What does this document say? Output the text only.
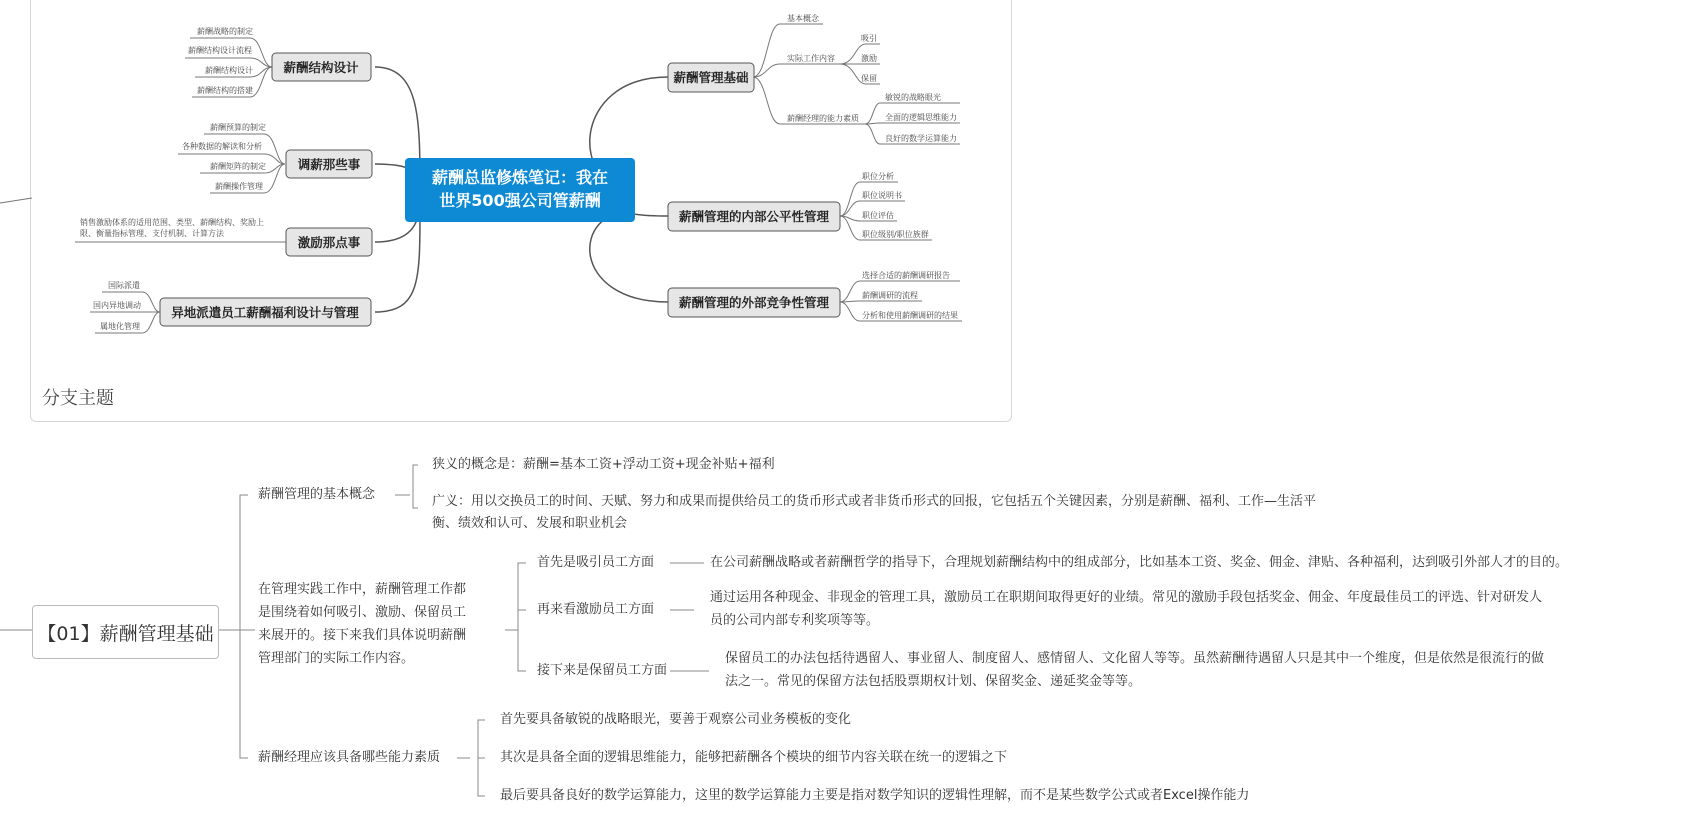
薪酬总监修炼笔记：我在
世界500强公司管薪酬
薪酬结构设计
调薪那些事
激励那点事
异地派遣员工薪酬福利设计与管理
薪酬管理基础
薪酬管理的内部公平性管理
薪酬管理的外部竞争性管理
薪酬战略的制定
薪酬结构设计流程
薪酬结构设计
薪酬结构的搭建
薪酬预算的制定
各种数据的解读和分析
薪酬矩阵的制定
薪酬操作管理
销售激励体系的适用范围、类型、薪酬结构、奖励上
限、衡量指标管理、支付机制、计算方法
国际派遣
国内异地调动
属地化管理
基本概念
实际工作内容
吸引
激励
保留
薪酬经理的能力素质
敏锐的战略眼光
全面的逻辑思维能力
良好的数学运算能力
职位分析
职位说明书
职位评估
职位级别/职位族群
选择合适的薪酬调研报告
薪酬调研的流程
分析和使用薪酬调研的结果
分支主题
【01】薪酬管理基础
薪酬管理的基本概念
狭义的概念是：薪酬=基本工资+浮动工资+现金补贴+福利
广义：用以交换员工的时间、天赋、努力和成果而提供给员工的货币形式或者非货币形式的回报，它包括五个关键因素，分别是薪酬、福利、工作—生活平
衡、绩效和认可、发展和职业机会
在管理实践工作中，薪酬管理工作都
是围绕着如何吸引、激励、保留员工
来展开的。接下来我们具体说明薪酬
管理部门的实际工作内容。
首先是吸引员工方面	在公司薪酬战略或者薪酬哲学的指导下，合理规划薪酬结构中的组成部分，比如基本工资、奖金、佣金、津贴、各种福利，达到吸引外部人才的目的。
再来看激励员工方面
通过运用各种现金、非现金的管理工具，激励员工在职期间取得更好的业绩。常见的激励手段包括奖金、佣金、年度最佳员工的评选、针对研发人
员的公司内部专利奖项等等。
接下来是保留员工方面
保留员工的办法包括待遇留人、事业留人、制度留人、感情留人、文化留人等等。虽然薪酬待遇留人只是其中一个维度，但是依然是很流行的做
法之一。常见的保留方法包括股票期权计划、保留奖金、递延奖金等等。
薪酬经理应该具备哪些能力素质
首先要具备敏锐的战略眼光，要善于观察公司业务模板的变化
其次是具备全面的逻辑思维能力，能够把薪酬各个模块的细节内容关联在统一的逻辑之下
最后要具备良好的数学运算能力，这里的数学运算能力主要是指对数学知识的逻辑性理解，而不是某些数学公式或者Excel操作能力
